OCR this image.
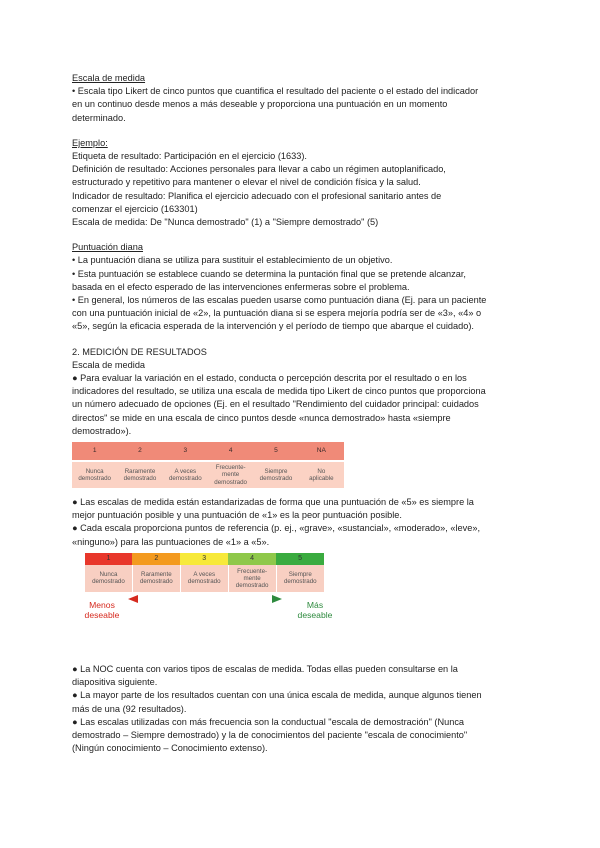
Escala de medida

• Escala tipo Likert de cinco puntos que cuantifica el resultado del paciente o el estado del indicador

en un continuo desde menos a más deseable y proporciona una puntuación en un momento

determinado.

Ejemplo:

Etiqueta de resultado: Participación en el ejercicio (1633).

Definición de resultado: Acciones personales para llevar a cabo un régimen autoplanificado,

estructurado y repetitivo para mantener o elevar el nivel de condición física y la salud.

Indicador de resultado: Planifica el ejercicio adecuado con el profesional sanitario antes de

comenzar el ejercicio (163301)

Escala de medida: De "Nunca demostrado" (1) a "Siempre demostrado" (5)

Puntuación diana

• La puntuación diana se utiliza para sustituir el establecimiento de un objetivo.

• Esta puntuación se establece cuando se determina la puntación final que se pretende alcanzar,

basada en el efecto esperado de las intervenciones enfermeras sobre el problema.

• En general, los números de las escalas pueden usarse como puntuación diana (Ej. para un paciente

con una puntuación inicial de «2», la puntuación diana si se espera mejoría podría ser de «3», «4» o

«5», según la eficacia esperada de la intervención y el período de tiempo que abarque el cuidado).

2. MEDICIÓN DE RESULTADOS

Escala de medida

● Para evaluar la variación en el estado, conducta o percepción descrita por el resultado o en los

indicadores del resultado, se utiliza una escala de medida tipo Likert de cinco puntos que proporciona

un número adecuado de opciones (Ej. en el resultado "Rendimiento del cuidador principal: cuidados

directos" se mide en una escala de cinco puntos desde «nunca demostrado» hasta «siempre

demostrado»).

1	2	3	4	5	NA
Nunca
demostrado	Raramente
demostrado	A veces
demostrado	Frecuente-
mente
demostrado	Siempre
demostrado	No
aplicable

● Las escalas de medida están estandarizadas de forma que una puntuación de «5» es siempre la

mejor puntuación posible y una puntuación de «1» es la peor puntuación posible.

● Cada escala proporciona puntos de referencia (p. ej., «grave», «sustancial», «moderado», «leve»,

«ninguno») para las puntuaciones de «1» a «5».

1	2	3	4	5
Nunca
demostrado	Raramente
demostrado	A veces
demostrado	Frecuente-
mente
demostrado	Siempre
demostrado
Menos
deseable
Más
deseable

● La NOC cuenta con varios tipos de escalas de medida. Todas ellas pueden consultarse en la

diapositiva siguiente.

● La mayor parte de los resultados cuentan con una única escala de medida, aunque algunos tienen

más de una (92 resultados).

● Las escalas utilizadas con más frecuencia son la conductual "escala de demostración" (Nunca

demostrado – Siempre demostrado) y la de conocimientos del paciente "escala de conocimiento"

(Ningún conocimiento – Conocimiento extenso).
